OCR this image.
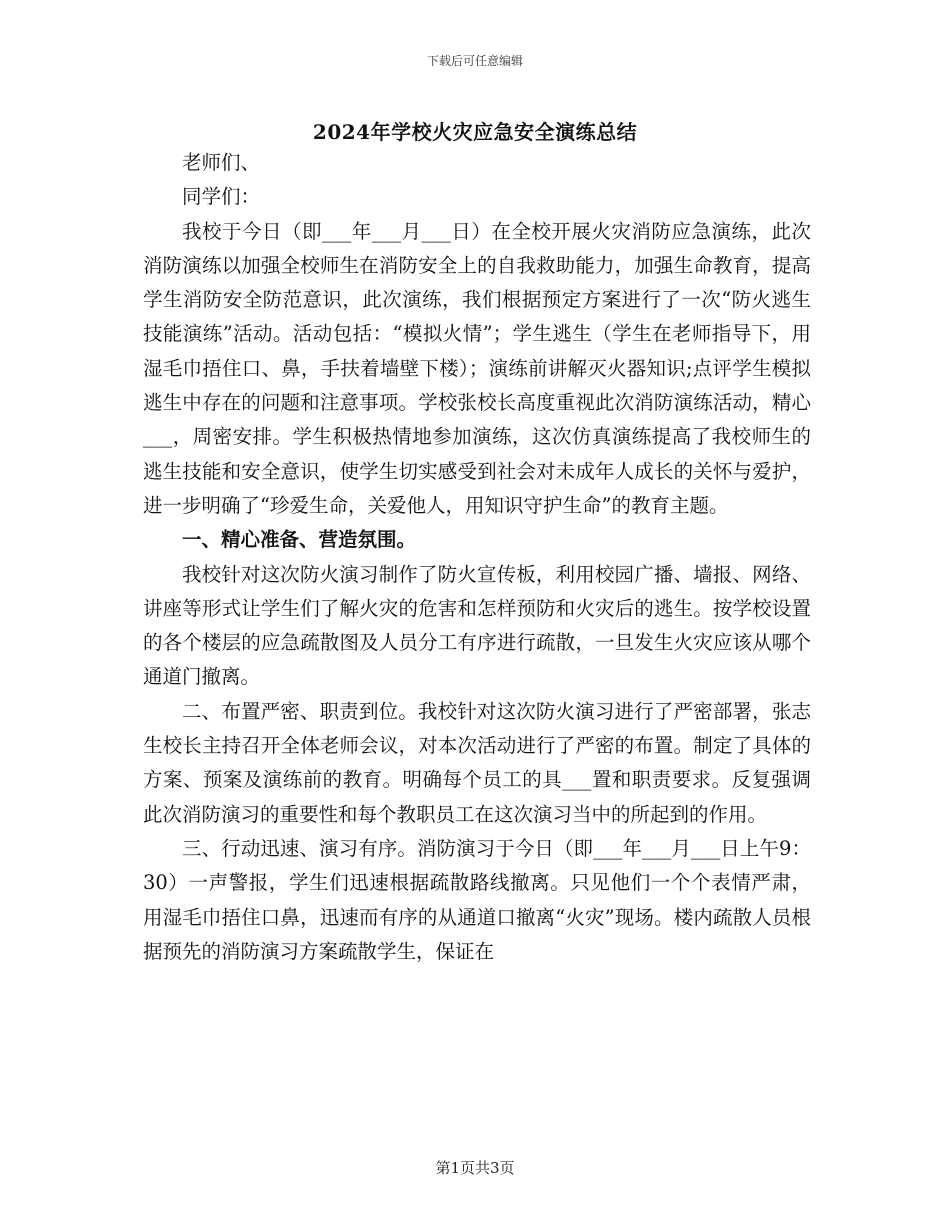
下载后可任意编辑
2024年学校火灾应急安全演练总结

老师们、

同学们：

我校于今日（即___年___月___日）在全校开展火灾消防应急演练，此次消防演练以加强全校师生在消防安全上的自我救助能力，加强生命教育，提高学生消防安全防范意识，此次演练，我们根据预定方案进行了一次“防火逃生技能演练”活动。活动包括：“模拟火情”；学生逃生（学生在老师指导下，用湿毛巾捂住口、鼻，手扶着墙壁下楼）；演练前讲解灭火器知识;点评学生模拟逃生中存在的问题和注意事项。学校张校长高度重视此次消防演练活动，精心___，周密安排。学生积极热情地参加演练，这次仿真演练提高了我校师生的逃生技能和安全意识，使学生切实感受到社会对未成年人成长的关怀与爱护，进一步明确了“珍爱生命，关爱他人，用知识守护生命”的教育主题。

一、精心准备、营造氛围。

我校针对这次防火演习制作了防火宣传板，利用校园广播、墙报、网络、讲座等形式让学生们了解火灾的危害和怎样预防和火灾后的逃生。按学校设置的各个楼层的应急疏散图及人员分工有序进行疏散，一旦发生火灾应该从哪个通道门撤离。

二、布置严密、职责到位。我校针对这次防火演习进行了严密部署，张志生校长主持召开全体老师会议，对本次活动进行了严密的布置。制定了具体的方案、预案及演练前的教育。明确每个员工的具___置和职责要求。反复强调此次消防演习的重要性和每个教职员工在这次演习当中的所起到的作用。

三、行动迅速、演习有序。消防演习于今日（即___年___月___日上午9：30）一声警报，学生们迅速根据疏散路线撤离。只见他们一个个表情严肃，用湿毛巾捂住口鼻，迅速而有序的从通道口撤离“火灾”现场。楼内疏散人员根据预先的消防演习方案疏散学生，保证在

第1页共3页
